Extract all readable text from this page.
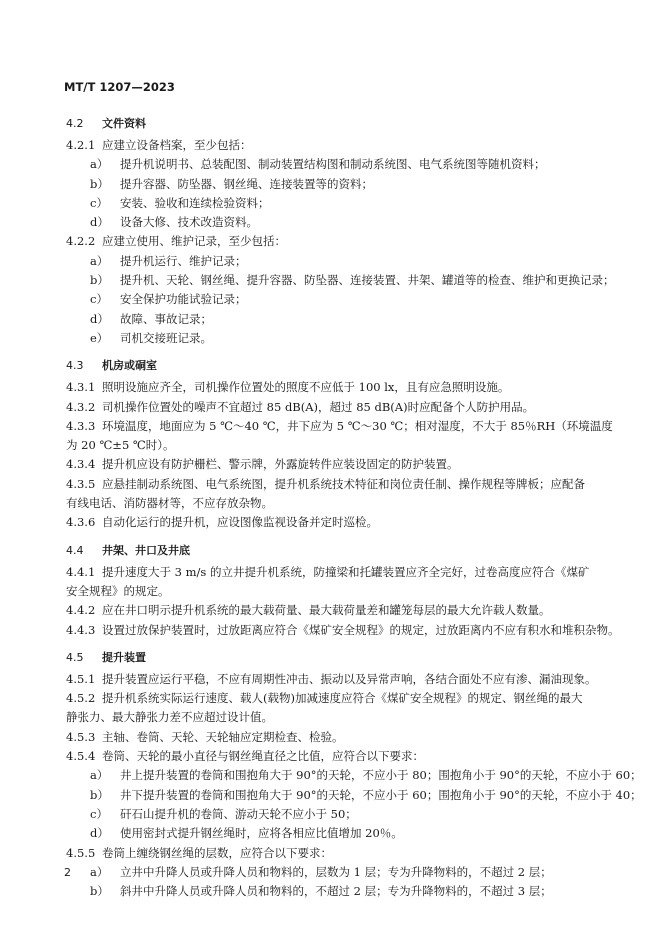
MT/T 1207—2023
4.2 文件资料
4.2.1 应建立设备档案，至少包括：
a） 提升机说明书、总装配图、制动装置结构图和制动系统图、电气系统图等随机资料；
b） 提升容器、防坠器、钢丝绳、连接装置等的资料；
c） 安装、验收和连续检验资料；
d） 设备大修、技术改造资料。
4.2.2 应建立使用、维护记录，至少包括：
a） 提升机运行、维护记录；
b） 提升机、天轮、钢丝绳、提升容器、防坠器、连接装置、井架、罐道等的检查、维护和更换记录；
c） 安全保护功能试验记录；
d） 故障、事故记录；
e） 司机交接班记录。
4.3 机房或硐室
4.3.1 照明设施应齐全，司机操作位置处的照度不应低于 100 lx，且有应急照明设施。
4.3.2 司机操作位置处的噪声不宜超过 85 dB(A)，超过 85 dB(A)时应配备个人防护用品。
4.3.3 环境温度，地面应为 5 ℃～40 ℃，井下应为 5 ℃～30 ℃；相对湿度，不大于 85％RH（环境温度
为 20 ℃±5 ℃时）。
4.3.4 提升机应设有防护栅栏、警示牌，外露旋转件应装设固定的防护装置。
4.3.5 应悬挂制动系统图、电气系统图，提升机系统技术特征和岗位责任制、操作规程等牌板；应配备
有线电话、消防器材等，不应存放杂物。
4.3.6 自动化运行的提升机，应设图像监视设备并定时巡检。
4.4 井架、井口及井底
4.4.1 提升速度大于 3 m/s 的立井提升机系统，防撞梁和托罐装置应齐全完好，过卷高度应符合《煤矿
安全规程》的规定。
4.4.2 应在井口明示提升机系统的最大载荷量、最大载荷量差和罐笼每层的最大允许载人数量。
4.4.3 设置过放保护装置时，过放距离应符合《煤矿安全规程》的规定，过放距离内不应有积水和堆积杂物。
4.5 提升装置
4.5.1 提升装置应运行平稳，不应有周期性冲击、振动以及异常声响，各结合面处不应有渗、漏油现象。
4.5.2 提升机系统实际运行速度、载人(载物)加减速度应符合《煤矿安全规程》的规定、钢丝绳的最大
静张力、最大静张力差不应超过设计值。
4.5.3 主轴、卷筒、天轮、天轮轴应定期检查、检验。
4.5.4 卷筒、天轮的最小直径与钢丝绳直径之比值，应符合以下要求：
a） 井上提升装置的卷筒和围抱角大于 90°的天轮，不应小于 80；围抱角小于 90°的天轮，不应小于 60；
b） 井下提升装置的卷筒和围抱角大于 90°的天轮，不应小于 60；围抱角小于 90°的天轮，不应小于 40；
c） 矸石山提升机的卷筒、游动天轮不应小于 50；
d） 使用密封式提升钢丝绳时，应将各相应比值增加 20％。
4.5.5 卷筒上缠绕钢丝绳的层数，应符合以下要求：
a） 立井中升降人员或升降人员和物料的，层数为 1 层；专为升降物料的，不超过 2 层；
b） 斜井中升降人员或升降人员和物料的，不超过 2 层；专为升降物料的，不超过 3 层；
2
